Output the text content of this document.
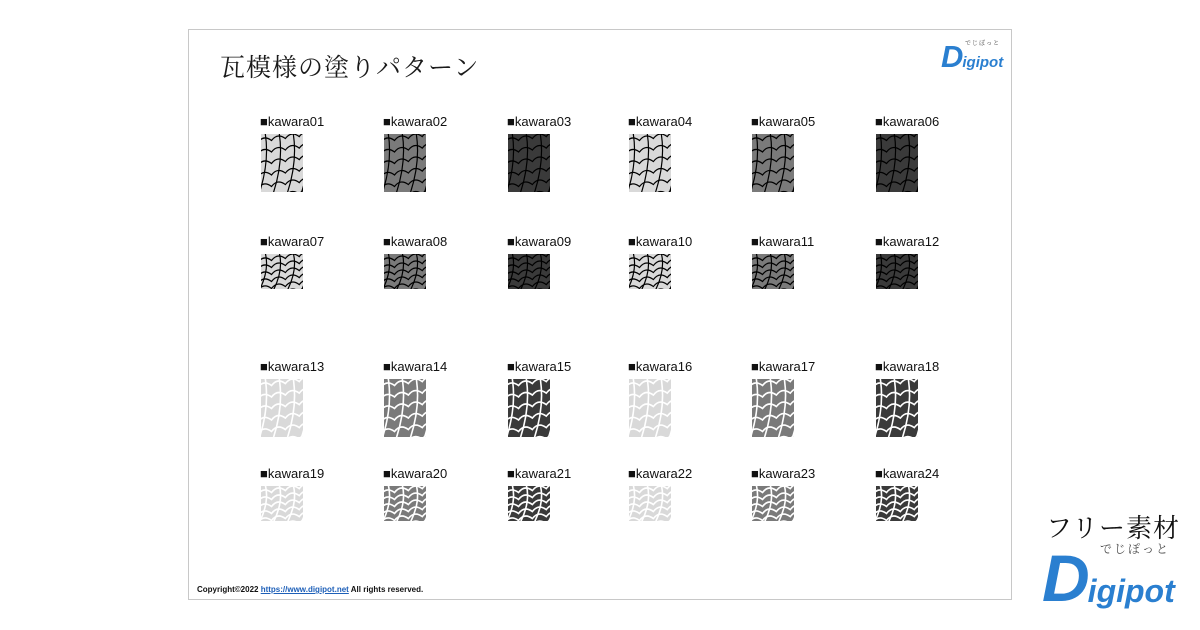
瓦模様の塗りパターン
でじぽっと
D igipot
■kawara01	■kawara02	■kawara03	■kawara04	■kawara05	■kawara06
■kawara07	■kawara08	■kawara09	■kawara10	■kawara11	■kawara12
■kawara13	■kawara14	■kawara15	■kawara16	■kawara17	■kawara18
■kawara19	■kawara20	■kawara21	■kawara22	■kawara23	■kawara24
Copyright©2022 https://www.digipot.net All rights reserved.
フリー素材
でじぽっと
D
igipot
